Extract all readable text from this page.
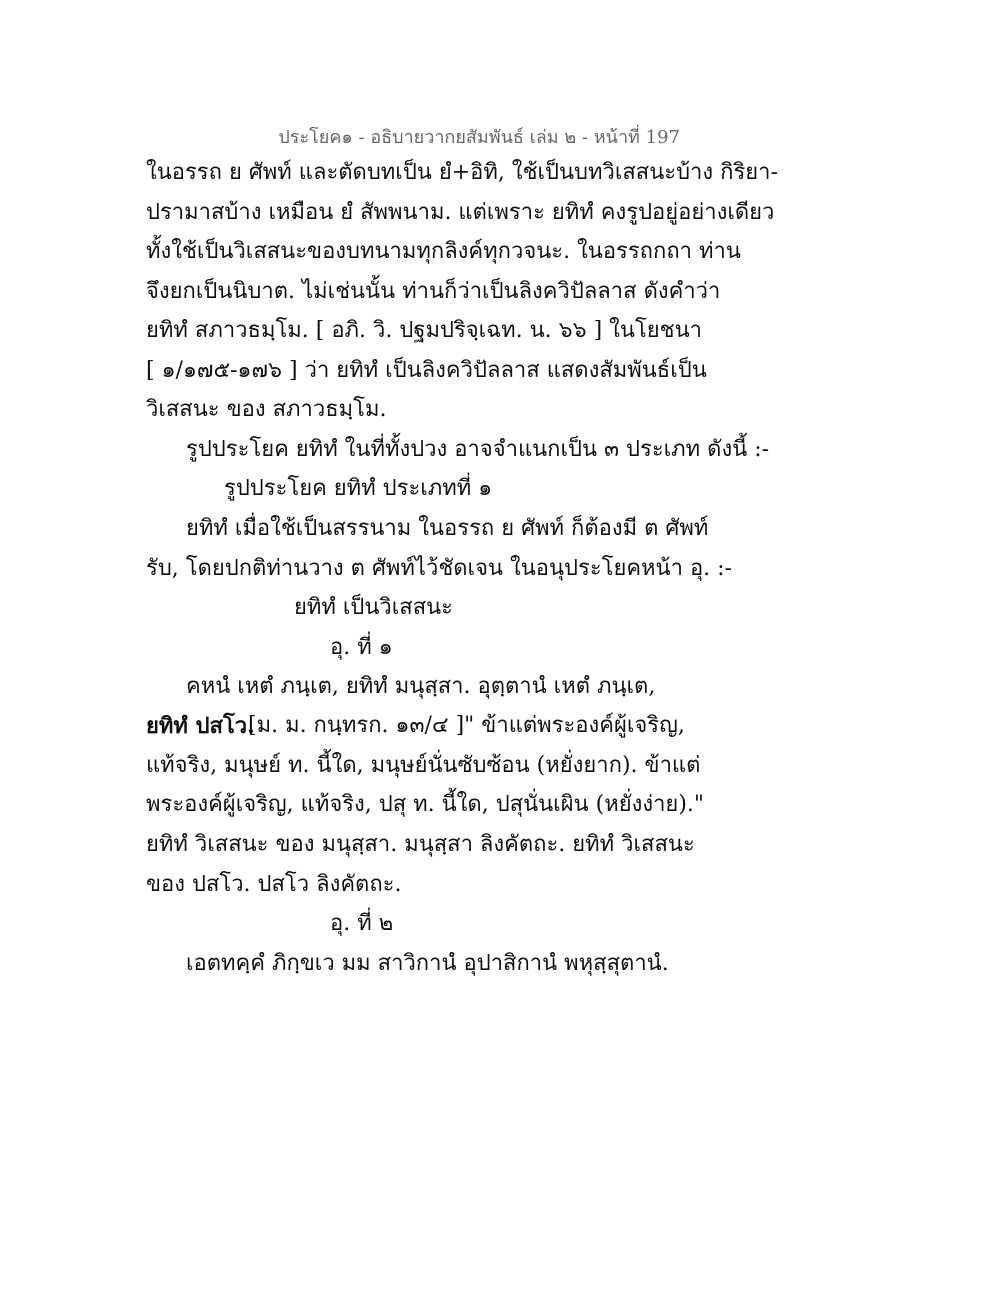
ประโยค๑ - อธิบายวากยสัมพันธ์ เล่ม ๒ - หน้าที่ 197
ในอรรถ ย ศัพท์ และตัดบทเป็น ยํ+อิทิ, ใช้เป็นบทวิเสสนะบ้าง กิริยา-
ปรามาสบ้าง เหมือน ยํ สัพพนาม. แต่เพราะ ยทิทํ คงรูปอยู่อย่างเดียว
ทั้งใช้เป็นวิเสสนะของบทนามทุกลิงค์ทุกวจนะ. ในอรรถกถา ท่าน
จึงยกเป็นนิบาต. ไม่เช่นนั้น ท่านก็ว่าเป็นลิงควิปัลลาส ดังคำว่า
ยทิทํ สภาวธมฺโม. [ อภิ. วิ. ปฐมปริจฺเฉท. น. ๖๖ ] ในโยชนา
[ ๑/๑๗๕-๑๗๖ ] ว่า ยทิทํ เป็นลิงควิปัลลาส แสดงสัมพันธ์เป็น
วิเสสนะ ของ สภาวธมฺโม.
รูปประโยค ยทิทํ ในที่ทั้งปวง อาจจำแนกเป็น ๓ ประเภท ดังนี้ :-
รูปประโยค ยทิทํ ประเภทที่ ๑
ยทิทํ เมื่อใช้เป็นสรรนาม ในอรรถ ย ศัพท์ ก็ต้องมี ต ศัพท์
รับ, โดยปกติท่านวาง ต ศัพท์ไว้ชัดเจน ในอนุประโยคหน้า อุ. :-
ยทิทํ เป็นวิเสสนะ
อุ. ที่ ๑
คหนํ เหตํ ภนฺเต, ยทิทํ มนุสฺสา. อุตฺตานํ เหตํ ภนฺเต,
ยทิทํ ปสโว.
[ม. ม. กนฺทรก. ๑๓/๔ ]" ข้าแต่พระองค์ผู้เจริญ,
แท้จริง, มนุษย์ ท. นี้ใด, มนุษย์นั่นซับซ้อน (หยั่งยาก). ข้าแต่
พระองค์ผู้เจริญ, แท้จริง, ปสุ ท. นี้ใด, ปสุนั่นเผิน (หยั่งง่าย)."
ยทิทํ วิเสสนะ ของ มนุสฺสา. มนุสฺสา ลิงคัตถะ. ยทิทํ วิเสสนะ
ของ ปสโว. ปสโว ลิงคัตถะ.
อุ. ที่ ๒
เอตทคฺคํ ภิกฺขเว มม สาวิกานํ อุปาสิกานํ พหุสฺสุตานํ.
